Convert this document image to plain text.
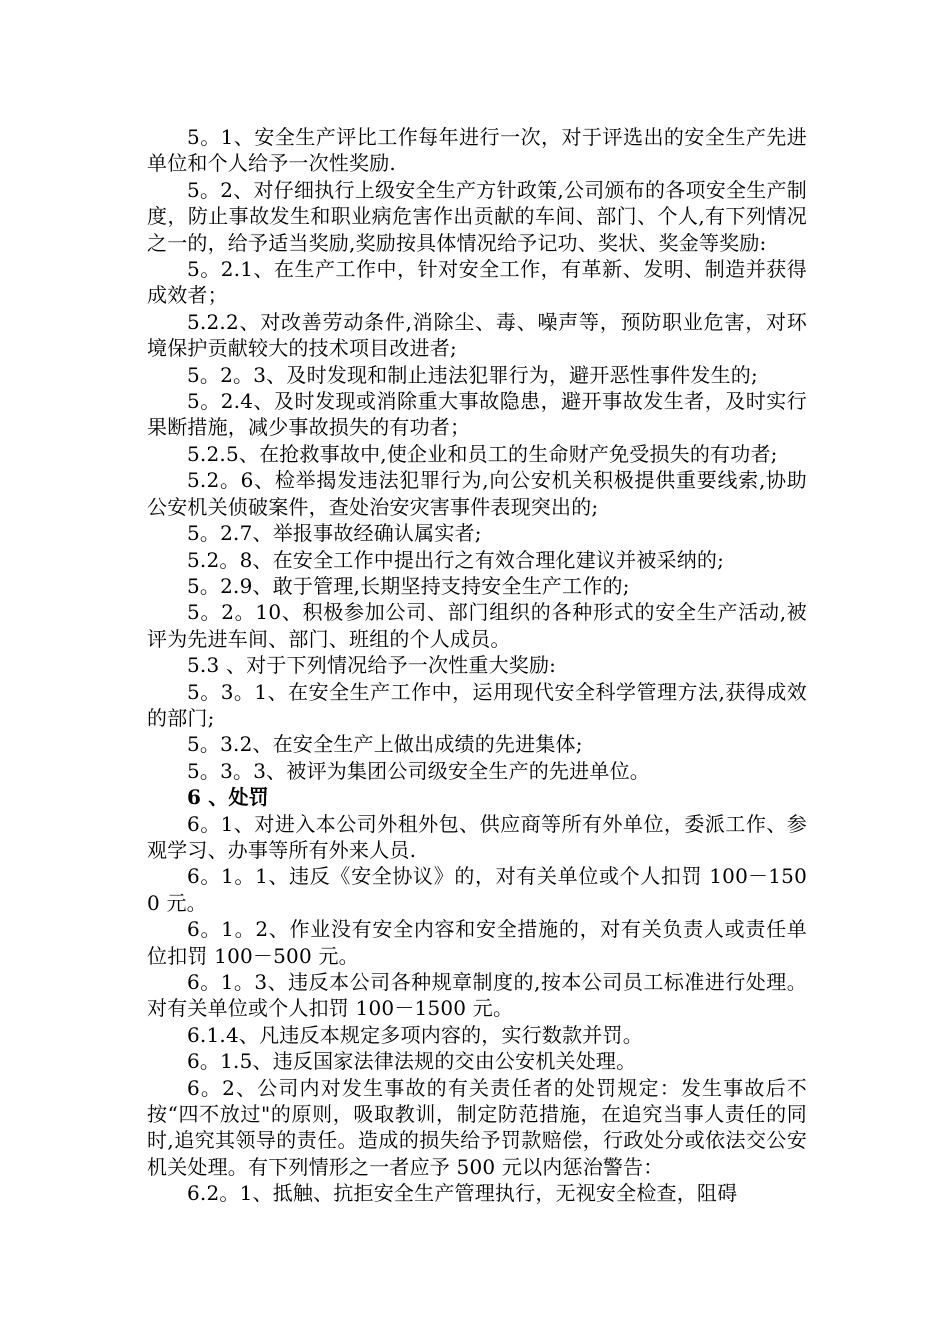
5。1、安全生产评比工作每年进行一次，对于评选出的安全生产先进单位和个人给予一次性奖励.

5。2、对仔细执行上级安全生产方针政策,公司颁布的各项安全生产制度，防止事故发生和职业病危害作出贡献的车间、部门、个人,有下列情况之一的，给予适当奖励,奖励按具体情况给予记功、奖状、奖金等奖励:

5。2.1、在生产工作中，针对安全工作，有革新、发明、制造并获得成效者；

5.2.2、对改善劳动条件,消除尘、毒、噪声等，预防职业危害，对环境保护贡献较大的技术项目改进者;

5。2。3、及时发现和制止违法犯罪行为，避开恶性事件发生的;

5。2.4、及时发现或消除重大事故隐患，避开事故发生者，及时实行果断措施，减少事故损失的有功者；

5.2.5、在抢救事故中,使企业和员工的生命财产免受损失的有功者;

5.2。6、检举揭发违法犯罪行为,向公安机关积极提供重要线索,协助公安机关侦破案件，查处治安灾害事件表现突出的;

5。2.7、举报事故经确认属实者;

5.2。8、在安全工作中提出行之有效合理化建议并被采纳的;

5。2.9、敢于管理,长期坚持支持安全生产工作的;

5。2。10、积极参加公司、部门组织的各种形式的安全生产活动,被评为先进车间、部门、班组的个人成员。

5.3 、对于下列情况给予一次性重大奖励:

5。3。1、在安全生产工作中，运用现代安全科学管理方法,获得成效的部门;

5。3.2、在安全生产上做出成绩的先进集体;

5。3。3、被评为集团公司级安全生产的先进单位。

6 、处罚

6。1、对进入本公司外租外包、供应商等所有外单位，委派工作、参观学习、办事等所有外来人员.

6。1。1、违反《安全协议》的，对有关单位或个人扣罚 100－1500 元。

6。1。2、作业没有安全内容和安全措施的，对有关负责人或责任单位扣罚 100－500 元。

6。1。3、违反本公司各种规章制度的,按本公司员工标准进行处理。对有关单位或个人扣罚 100－1500 元。

6.1.4、凡违反本规定多项内容的，实行数款并罚。

6。1.5、违反国家法律法规的交由公安机关处理。

6。2、公司内对发生事故的有关责任者的处罚规定：发生事故后不按“四不放过"的原则，吸取教训，制定防范措施，在追究当事人责任的同时,追究其领导的责任。造成的损失给予罚款赔偿，行政处分或依法交公安机关处理。有下列情形之一者应予 500 元以内惩治警告：

6.2。1、抵触、抗拒安全生产管理执行，无视安全检查，阻碍
